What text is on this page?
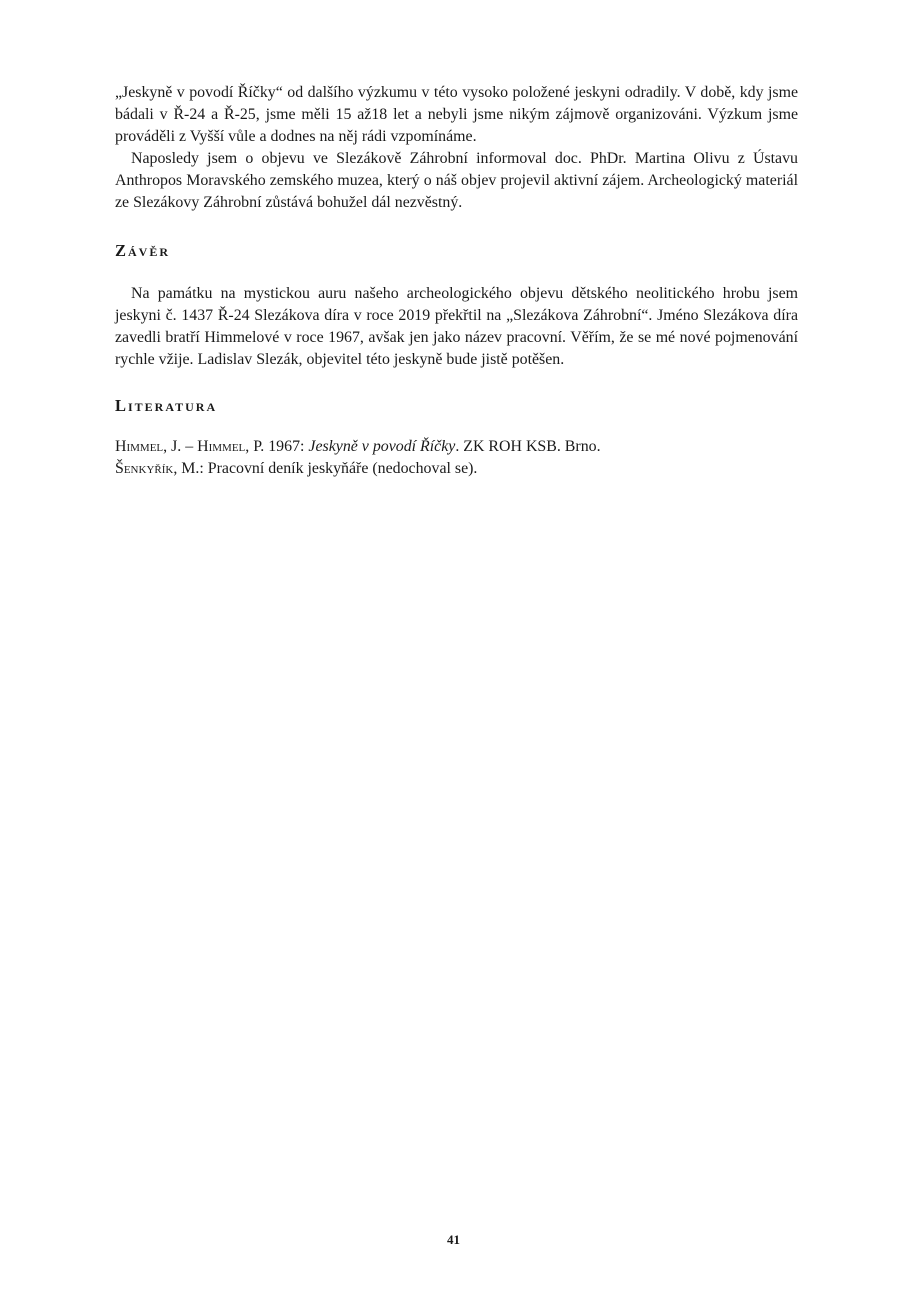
„Jeskyně v povodí Říčky“ od dalšího výzkumu v této vysoko položené jeskyni odradily. V době, kdy jsme bádali v Ř-24 a Ř-25, jsme měli 15 až18 let a nebyli jsme nikým zájmově organizováni. Výzkum jsme prováděli z Vyšší vůle a dodnes na něj rádi vzpomínáme.

Naposledy jsem o objevu ve Slezákově Záhrobní informoval doc. PhDr. Martina Olivu z Ústavu Anthropos Moravského zemského muzea, který o náš objev projevil aktivní zájem. Archeologický materiál ze Slezákovy Záhrobní zůstává bohužel dál nezvěstný.

Závěr

Na památku na mystickou auru našeho archeologického objevu dětského neolitického hrobu jsem jeskyni č. 1437 Ř-24 Slezákova díra v roce 2019 překřtil na „Slezákova Záhrobní“. Jméno Slezákova díra zavedli bratří Himmelové v roce 1967, avšak jen jako název pracovní. Věřím, že se mé nové pojmenování rychle vžije. Ladislav Slezák, objevitel této jeskyně bude jistě potěšen.

Literatura

Himmel, J. – Himmel, P. 1967: Jeskyně v povodí Říčky. ZK ROH KSB. Brno.

Šenkyřík, M.: Pracovní deník jeskyňáře (nedochoval se).

41
